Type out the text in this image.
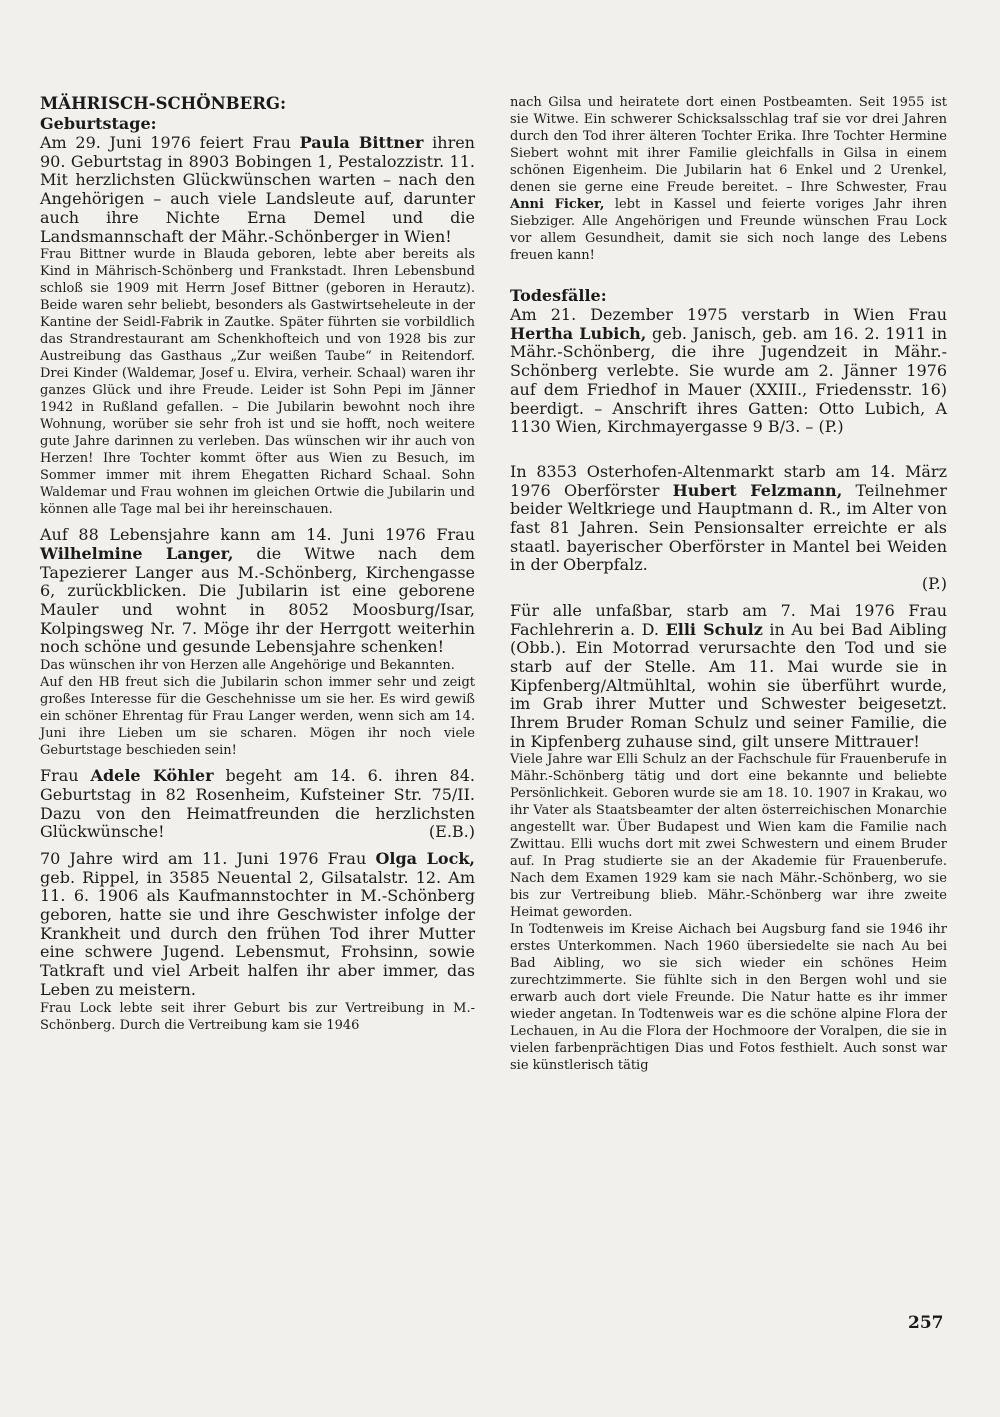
MÄHRISCH-SCHÖNBERG:

Geburtstage:

Am 29. Juni 1976 feiert Frau Paula Bittner ihren 90. Geburtstag in 8903 Bobingen 1, Pestalozzistr. 11. Mit herzlichsten Glückwünschen warten – nach den Angehörigen – auch viele Landsleute auf, darunter auch ihre Nichte Erna Demel und die Landsmannschaft der Mähr.-Schönberger in Wien!

Frau Bittner wurde in Blauda geboren, lebte aber bereits als Kind in Mährisch-Schönberg und Frankstadt. Ihren Lebensbund schloß sie 1909 mit Herrn Josef Bittner (geboren in Herautz). Beide waren sehr beliebt, besonders als Gastwirtseheleute in der Kantine der Seidl-Fabrik in Zautke. Später führten sie vorbildlich das Strandrestaurant am Schenkhofteich und von 1928 bis zur Austreibung das Gasthaus „Zur weißen Taube“ in Reitendorf. Drei Kinder (Waldemar, Josef u. Elvira, verheir. Schaal) waren ihr ganzes Glück und ihre Freude. Leider ist Sohn Pepi im Jänner 1942 in Rußland gefallen. – Die Jubilarin bewohnt noch ihre Wohnung, worüber sie sehr froh ist und sie hofft, noch weitere gute Jahre darinnen zu verleben. Das wünschen wir ihr auch von Herzen! Ihre Tochter kommt öfter aus Wien zu Besuch, im Sommer immer mit ihrem Ehegatten Richard Schaal. Sohn Waldemar und Frau wohnen im gleichen Ortwie die Jubilarin und können alle Tage mal bei ihr hereinschauen.

Auf 88 Lebensjahre kann am 14. Juni 1976 Frau Wilhelmine Langer, die Witwe nach dem Tapezierer Langer aus M.-Schönberg, Kirchengasse 6, zurückblicken. Die Jubilarin ist eine geborene Mauler und wohnt in 8052 Moosburg/Isar, Kolpingsweg Nr. 7. Möge ihr der Herrgott weiterhin noch schöne und gesunde Lebensjahre schenken!

Das wünschen ihr von Herzen alle Angehörige und Bekannten.

Auf den HB freut sich die Jubilarin schon immer sehr und zeigt großes Interesse für die Geschehnisse um sie her. Es wird gewiß ein schöner Ehrentag für Frau Langer werden, wenn sich am 14. Juni ihre Lieben um sie scharen. Mögen ihr noch viele Geburtstage beschieden sein!

Frau Adele Köhler begeht am 14. 6. ihren 84. Geburtstag in 82 Rosenheim, Kufsteiner Str. 75/II. Dazu von den Heimatfreunden die herzlichsten Glückwünsche!	(E.B.)

70 Jahre wird am 11. Juni 1976 Frau Olga Lock, geb. Rippel, in 3585 Neuental 2, Gilsatalstr. 12. Am 11. 6. 1906 als Kaufmannstochter in M.-Schönberg geboren, hatte sie und ihre Geschwister infolge der Krankheit und durch den frühen Tod ihrer Mutter eine schwere Jugend. Lebensmut, Frohsinn, sowie Tatkraft und viel Arbeit halfen ihr aber immer, das Leben zu meistern.

Frau Lock lebte seit ihrer Geburt bis zur Vertreibung in M.-Schönberg. Durch die Vertreibung kam sie 1946

nach Gilsa und heiratete dort einen Postbeamten. Seit 1955 ist sie Witwe. Ein schwerer Schicksalsschlag traf sie vor drei Jahren durch den Tod ihrer älteren Tochter Erika. Ihre Tochter Hermine Siebert wohnt mit ihrer Familie gleichfalls in Gilsa in einem schönen Eigenheim. Die Jubilarin hat 6 Enkel und 2 Urenkel, denen sie gerne eine Freude bereitet. – Ihre Schwester, Frau Anni Ficker, lebt in Kassel und feierte voriges Jahr ihren Siebziger. Alle Angehörigen und Freunde wünschen Frau Lock vor allem Gesundheit, damit sie sich noch lange des Lebens freuen kann!

Todesfälle:

Am 21. Dezember 1975 verstarb in Wien Frau Hertha Lubich, geb. Janisch, geb. am 16. 2. 1911 in Mähr.-Schönberg, die ihre Jugendzeit in Mähr.-Schönberg verlebte. Sie wurde am 2. Jänner 1976 auf dem Friedhof in Mauer (XXIII., Friedensstr. 16) beerdigt. – Anschrift ihres Gatten: Otto Lubich, A 1130 Wien, Kirchmayergasse 9 B/3. – (P.)

In 8353 Osterhofen-Altenmarkt starb am 14. März 1976 Oberförster Hubert Felzmann, Teilnehmer beider Weltkriege und Hauptmann d. R., im Alter von fast 81 Jahren. Sein Pensionsalter erreichte er als staatl. bayerischer Oberförster in Mantel bei Weiden in der Oberpfalz.
(P.)

Für alle unfaßbar, starb am 7. Mai 1976 Frau Fachlehrerin a. D. Elli Schulz in Au bei Bad Aibling (Obb.). Ein Motorrad verursachte den Tod und sie starb auf der Stelle. Am 11. Mai wurde sie in Kipfenberg/Altmühltal, wohin sie überführt wurde, im Grab ihrer Mutter und Schwester beigesetzt. Ihrem Bruder Roman Schulz und seiner Familie, die in Kipfenberg zuhause sind, gilt unsere Mittrauer!

Viele Jahre war Elli Schulz an der Fachschule für Frauenberufe in Mähr.-Schönberg tätig und dort eine bekannte und beliebte Persönlichkeit. Geboren wurde sie am 18. 10. 1907 in Krakau, wo ihr Vater als Staatsbeamter der alten österreichischen Monarchie angestellt war. Über Budapest und Wien kam die Familie nach Zwittau. Elli wuchs dort mit zwei Schwestern und einem Bruder auf. In Prag studierte sie an der Akademie für Frauenberufe. Nach dem Examen 1929 kam sie nach Mähr.-Schönberg, wo sie bis zur Vertreibung blieb. Mähr.-Schönberg war ihre zweite Heimat geworden.

In Todtenweis im Kreise Aichach bei Augsburg fand sie 1946 ihr erstes Unterkommen. Nach 1960 übersiedelte sie nach Au bei Bad Aibling, wo sie sich wieder ein schönes Heim zurechtzimmerte. Sie fühlte sich in den Bergen wohl und sie erwarb auch dort viele Freunde. Die Natur hatte es ihr immer wieder angetan. In Todtenweis war es die schöne alpine Flora der Lechauen, in Au die Flora der Hochmoore der Voralpen, die sie in vielen farbenprächtigen Dias und Fotos festhielt. Auch sonst war sie künstlerisch tätig

257
